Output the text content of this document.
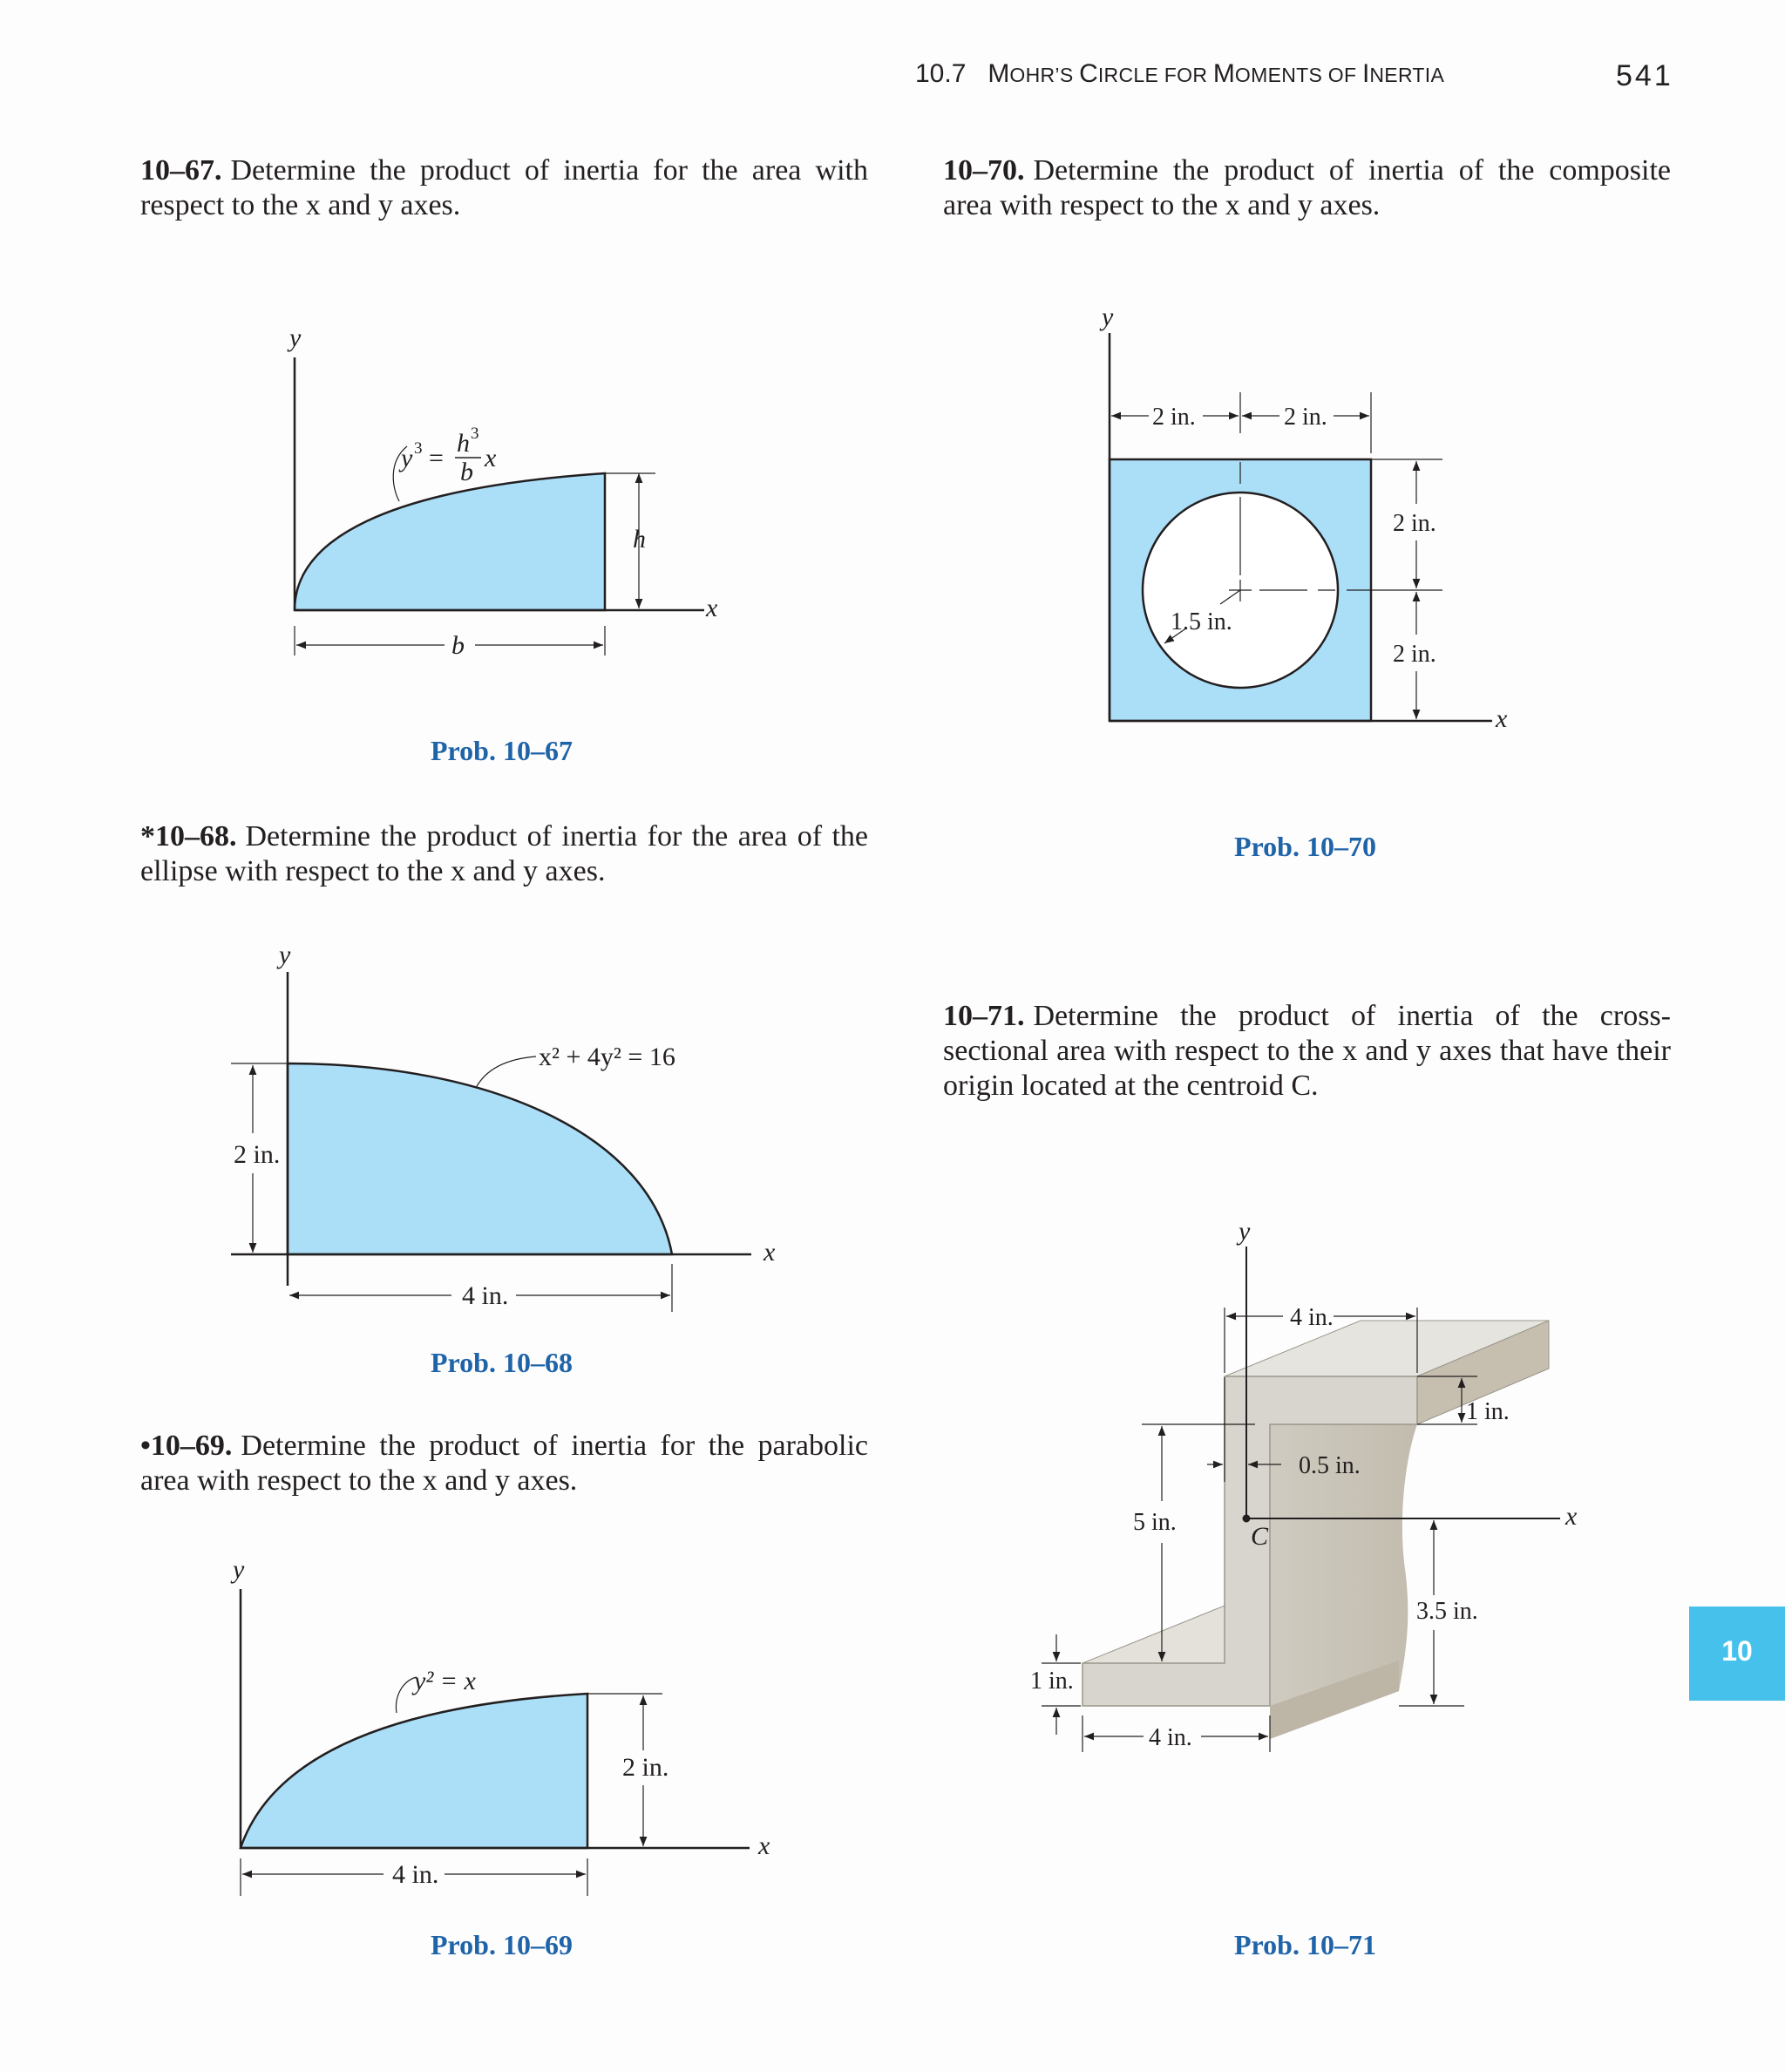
10.7 MOHR’S CIRCLE FOR MOMENTS OF INERTIA	541
10–67. Determine the product of inertia for the area with respect to the x and y axes.
10–70. Determine the product of inertia of the composite area with respect to the x and y axes.
*10–68. Determine the product of inertia for the area of the ellipse with respect to the x and y axes.
10–71. Determine the product of inertia of the cross-sectional area with respect to the x and y axes that have their origin located at the centroid C.
•10–69. Determine the product of inertia for the parabolic area with respect to the x and y axes.
Prob. 10–67
Prob. 10–70
Prob. 10–68
Prob. 10–69	Prob. 10–71
y
x
h
b
y 3 =
h 3
b x
y
x
x² + 4y² = 16
2 in.
4 in.
y
x
y² = x
2 in.
4 in.
y
x
2 in.	2 in.
2 in.
2 in.
1.5 in.
y
x
C
4 in.
1 in.
0.5 in.
5 in.
3.5 in.
1 in.
4 in.
10
